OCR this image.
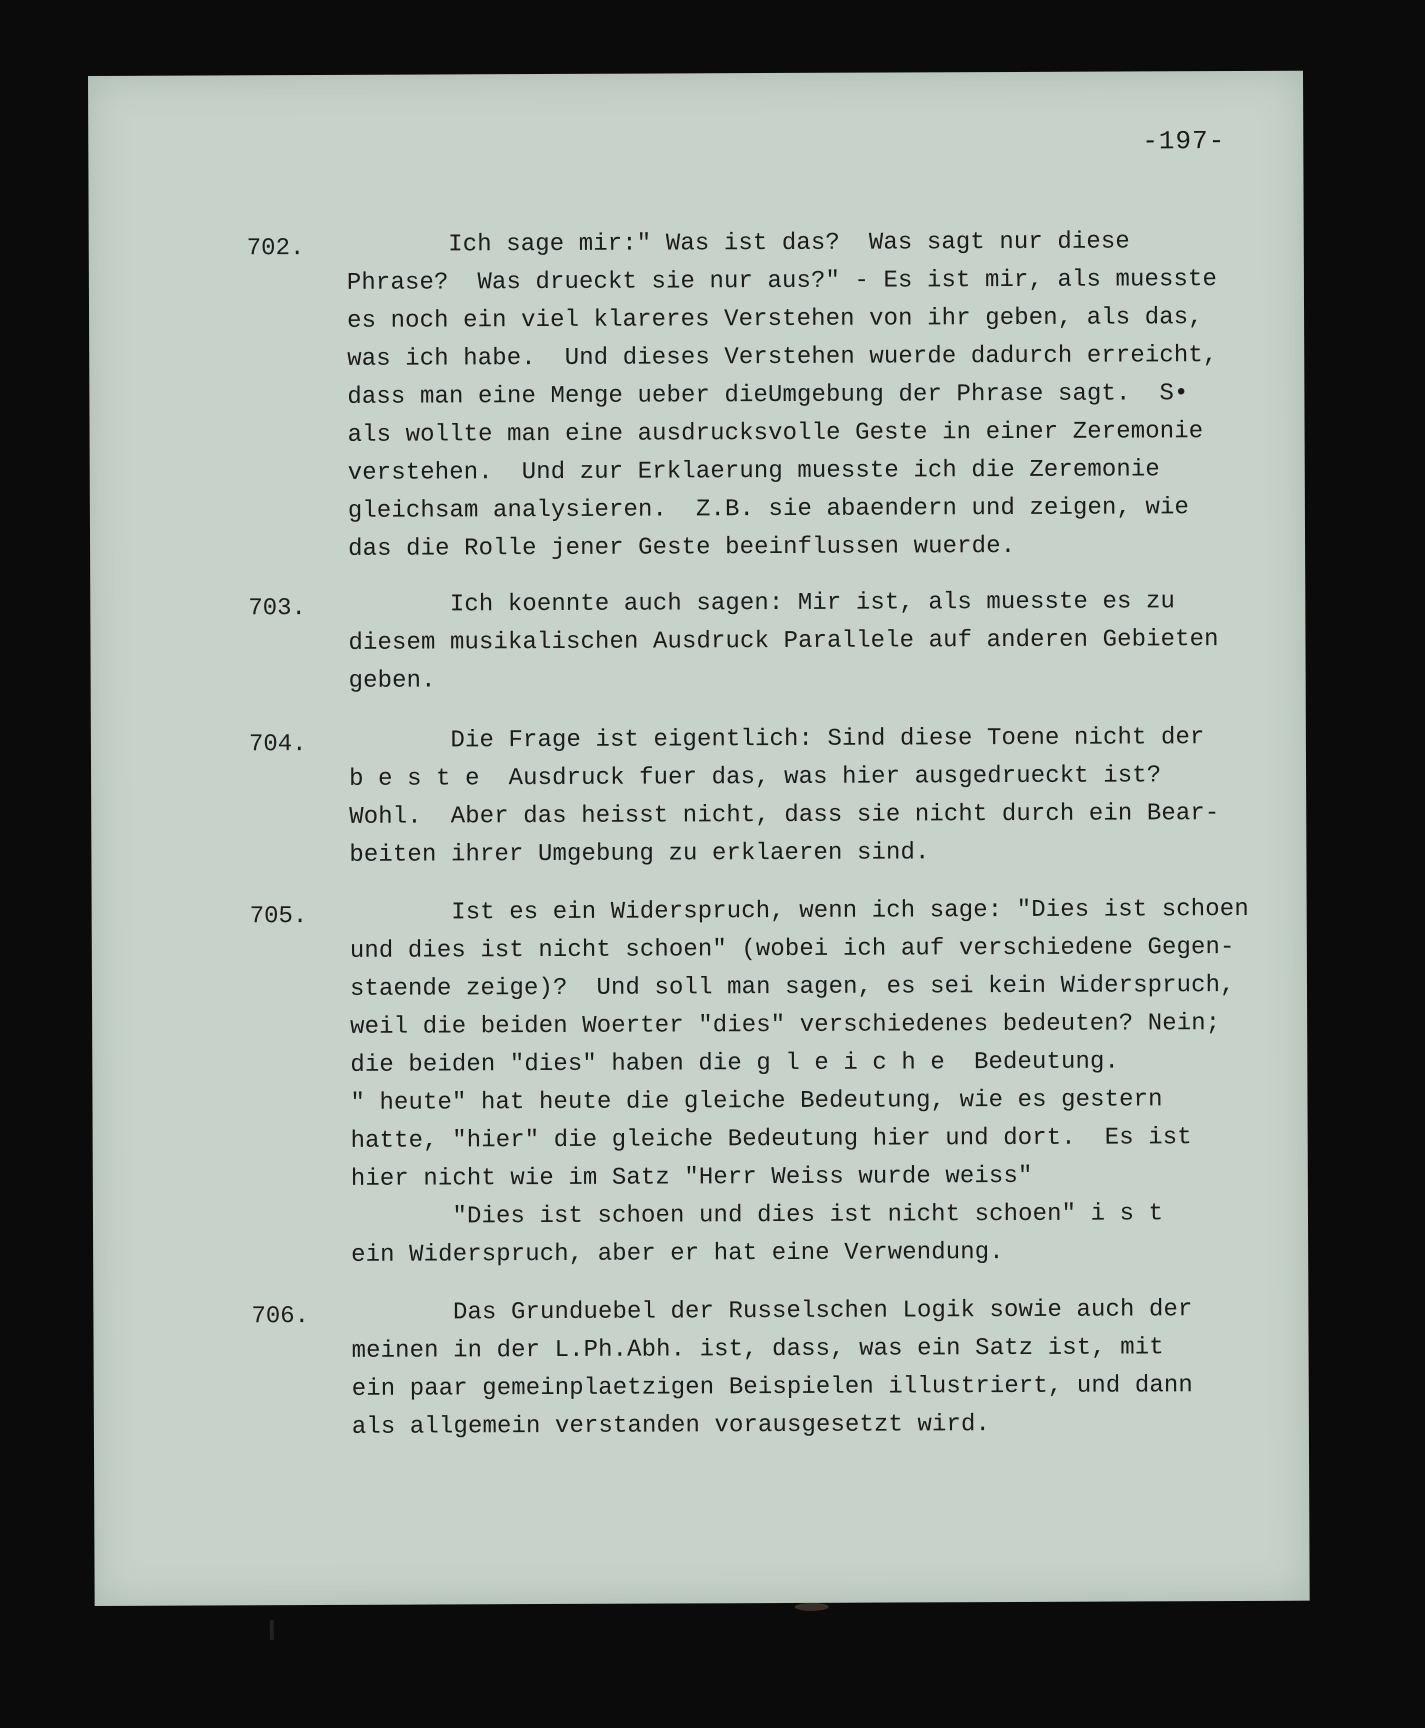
-197-
702. Ich sage mir:" Was ist das?  Was sagt nur diese
Phrase?  Was drueckt sie nur aus?" - Es ist mir, als muesste
es noch ein viel klareres Verstehen von ihr geben, als das,
was ich habe.  Und dieses Verstehen wuerde dadurch erreicht,
dass man eine Menge ueber dieUmgebung der Phrase sagt.  S•
als wollte man eine ausdrucksvolle Geste in einer Zeremonie
verstehen.  Und zur Erklaerung muesste ich die Zeremonie
gleichsam analysieren.  Z.B. sie abaendern und zeigen, wie
das die Rolle jener Geste beeinflussen wuerde.
703. Ich koennte auch sagen: Mir ist, als muesste es zu
diesem musikalischen Ausdruck Parallele auf anderen Gebieten
geben.
704. Die Frage ist eigentlich: Sind diese Toene nicht der
b e s t e  Ausdruck fuer das, was hier ausgedrueckt ist?
Wohl.  Aber das heisst nicht, dass sie nicht durch ein Bear-
beiten ihrer Umgebung zu erklaeren sind.
705. Ist es ein Widerspruch, wenn ich sage: "Dies ist schoen
und dies ist nicht schoen" (wobei ich auf verschiedene Gegen-
staende zeige)?  Und soll man sagen, es sei kein Widerspruch,
weil die beiden Woerter "dies" verschiedenes bedeuten? Nein;
die beiden "dies" haben die g l e i c h e  Bedeutung.
" heute" hat heute die gleiche Bedeutung, wie es gestern
hatte, "hier" die gleiche Bedeutung hier und dort.  Es ist
hier nicht wie im Satz "Herr Weiss wurde weiss"
"Dies ist schoen und dies ist nicht schoen" i s t
ein Widerspruch, aber er hat eine Verwendung.
706. Das Grunduebel der Russelschen Logik sowie auch der
meinen in der L.Ph.Abh. ist, dass, was ein Satz ist, mit
ein paar gemeinplaetzigen Beispielen illustriert, und dann
als allgemein verstanden vorausgesetzt wird.
